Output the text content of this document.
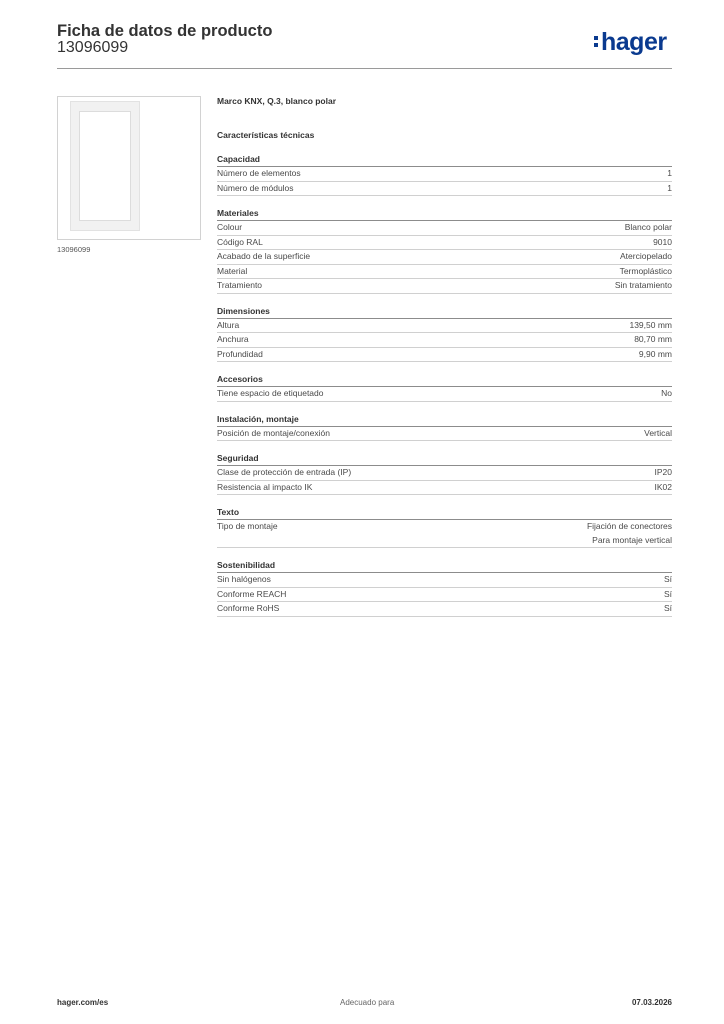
Ficha de datos de producto
13096099	hager
13096099
Marco KNX, Q.3, blanco polar
Características técnicas
Capacidad
Número de elementos	1
Número de módulos	1
Materiales
Colour	Blanco polar
Código RAL	9010
Acabado de la superficie	Aterciopelado
Material	Termoplástico
Tratamiento	Sin tratamiento
Dimensiones
Altura	139,50 mm
Anchura	80,70 mm
Profundidad	9,90 mm
Accesorios
Tiene espacio de etiquetado	No
Instalación, montaje
Posición de montaje/conexión	Vertical
Seguridad
Clase de protección de entrada (IP)	IP20
Resistencia al impacto IK	IK02
Texto
Tipo de montaje	Fijación de conectores
Para montaje vertical
Sostenibilidad
Sin halógenos	Sí
Conforme REACH	Sí
Conforme RoHS	Sí
hager.com/es	Adecuado para	07.03.2026
